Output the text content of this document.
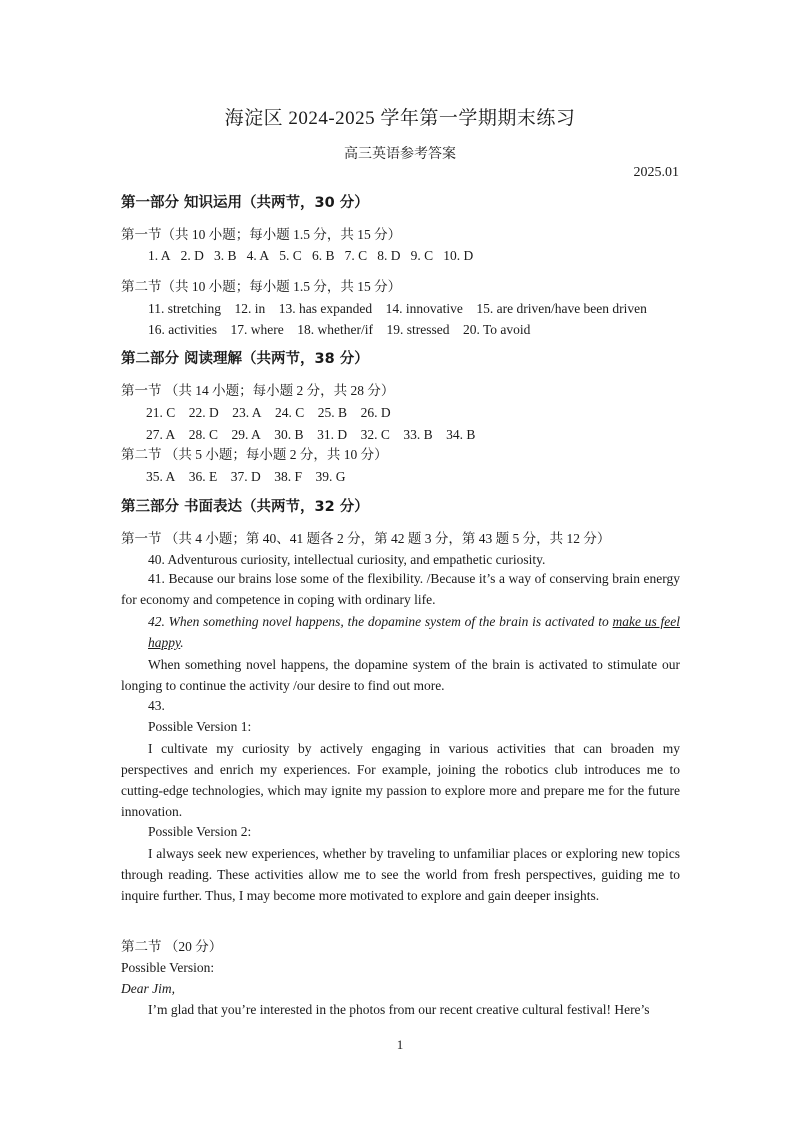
海淀区 2024-2025 学年第一学期期末练习
高三英语参考答案
2025.01
第一部分 知识运用（共两节，30 分）
第一节（共 10 小题；每小题 1.5 分，共 15 分）
1. A 2. D 3. B 4. A 5. C 6. B 7. C 8. D 9. C 10. D
第二节（共 10 小题；每小题 1.5 分，共 15 分）
11. stretching 12. in 13. has expanded 14. innovative 15. are driven/have been driven
16. activities 17. where 18. whether/if 19. stressed 20. To avoid
第二部分 阅读理解（共两节，38 分）
第一节 （共 14 小题；每小题 2 分，共 28 分）
21. C 22. D 23. A 24. C 25. B 26. D
27. A 28. C 29. A 30. B 31. D 32. C 33. B 34. B
第二节 （共 5 小题；每小题 2 分，共 10 分）
35. A 36. E 37. D 38. F 39. G
第三部分 书面表达（共两节，32 分）
第一节 （共 4 小题；第 40、41 题各 2 分，第 42 题 3 分，第 43 题 5 分，共 12 分）
40. Adventurous curiosity, intellectual curiosity, and empathetic curiosity.
41. Because our brains lose some of the flexibility. /Because it’s a way of conserving brain energy for economy and competence in coping with ordinary life.
42. When something novel happens, the dopamine system of the brain is activated to make us feel happy.
When something novel happens, the dopamine system of the brain is activated to stimulate our longing to continue the activity /our desire to find out more.
43.
Possible Version 1:
I cultivate my curiosity by actively engaging in various activities that can broaden my perspectives and enrich my experiences. For example, joining the robotics club introduces me to cutting-edge technologies, which may ignite my passion to explore more and prepare me for the future innovation.
Possible Version 2:
I always seek new experiences, whether by traveling to unfamiliar places or exploring new topics through reading. These activities allow me to see the world from fresh perspectives, guiding me to inquire further. Thus, I may become more motivated to explore and gain deeper insights.
第二节 （20 分）
Possible Version:
Dear Jim,
I’m glad that you’re interested in the photos from our recent creative cultural festival! Here’s
1
